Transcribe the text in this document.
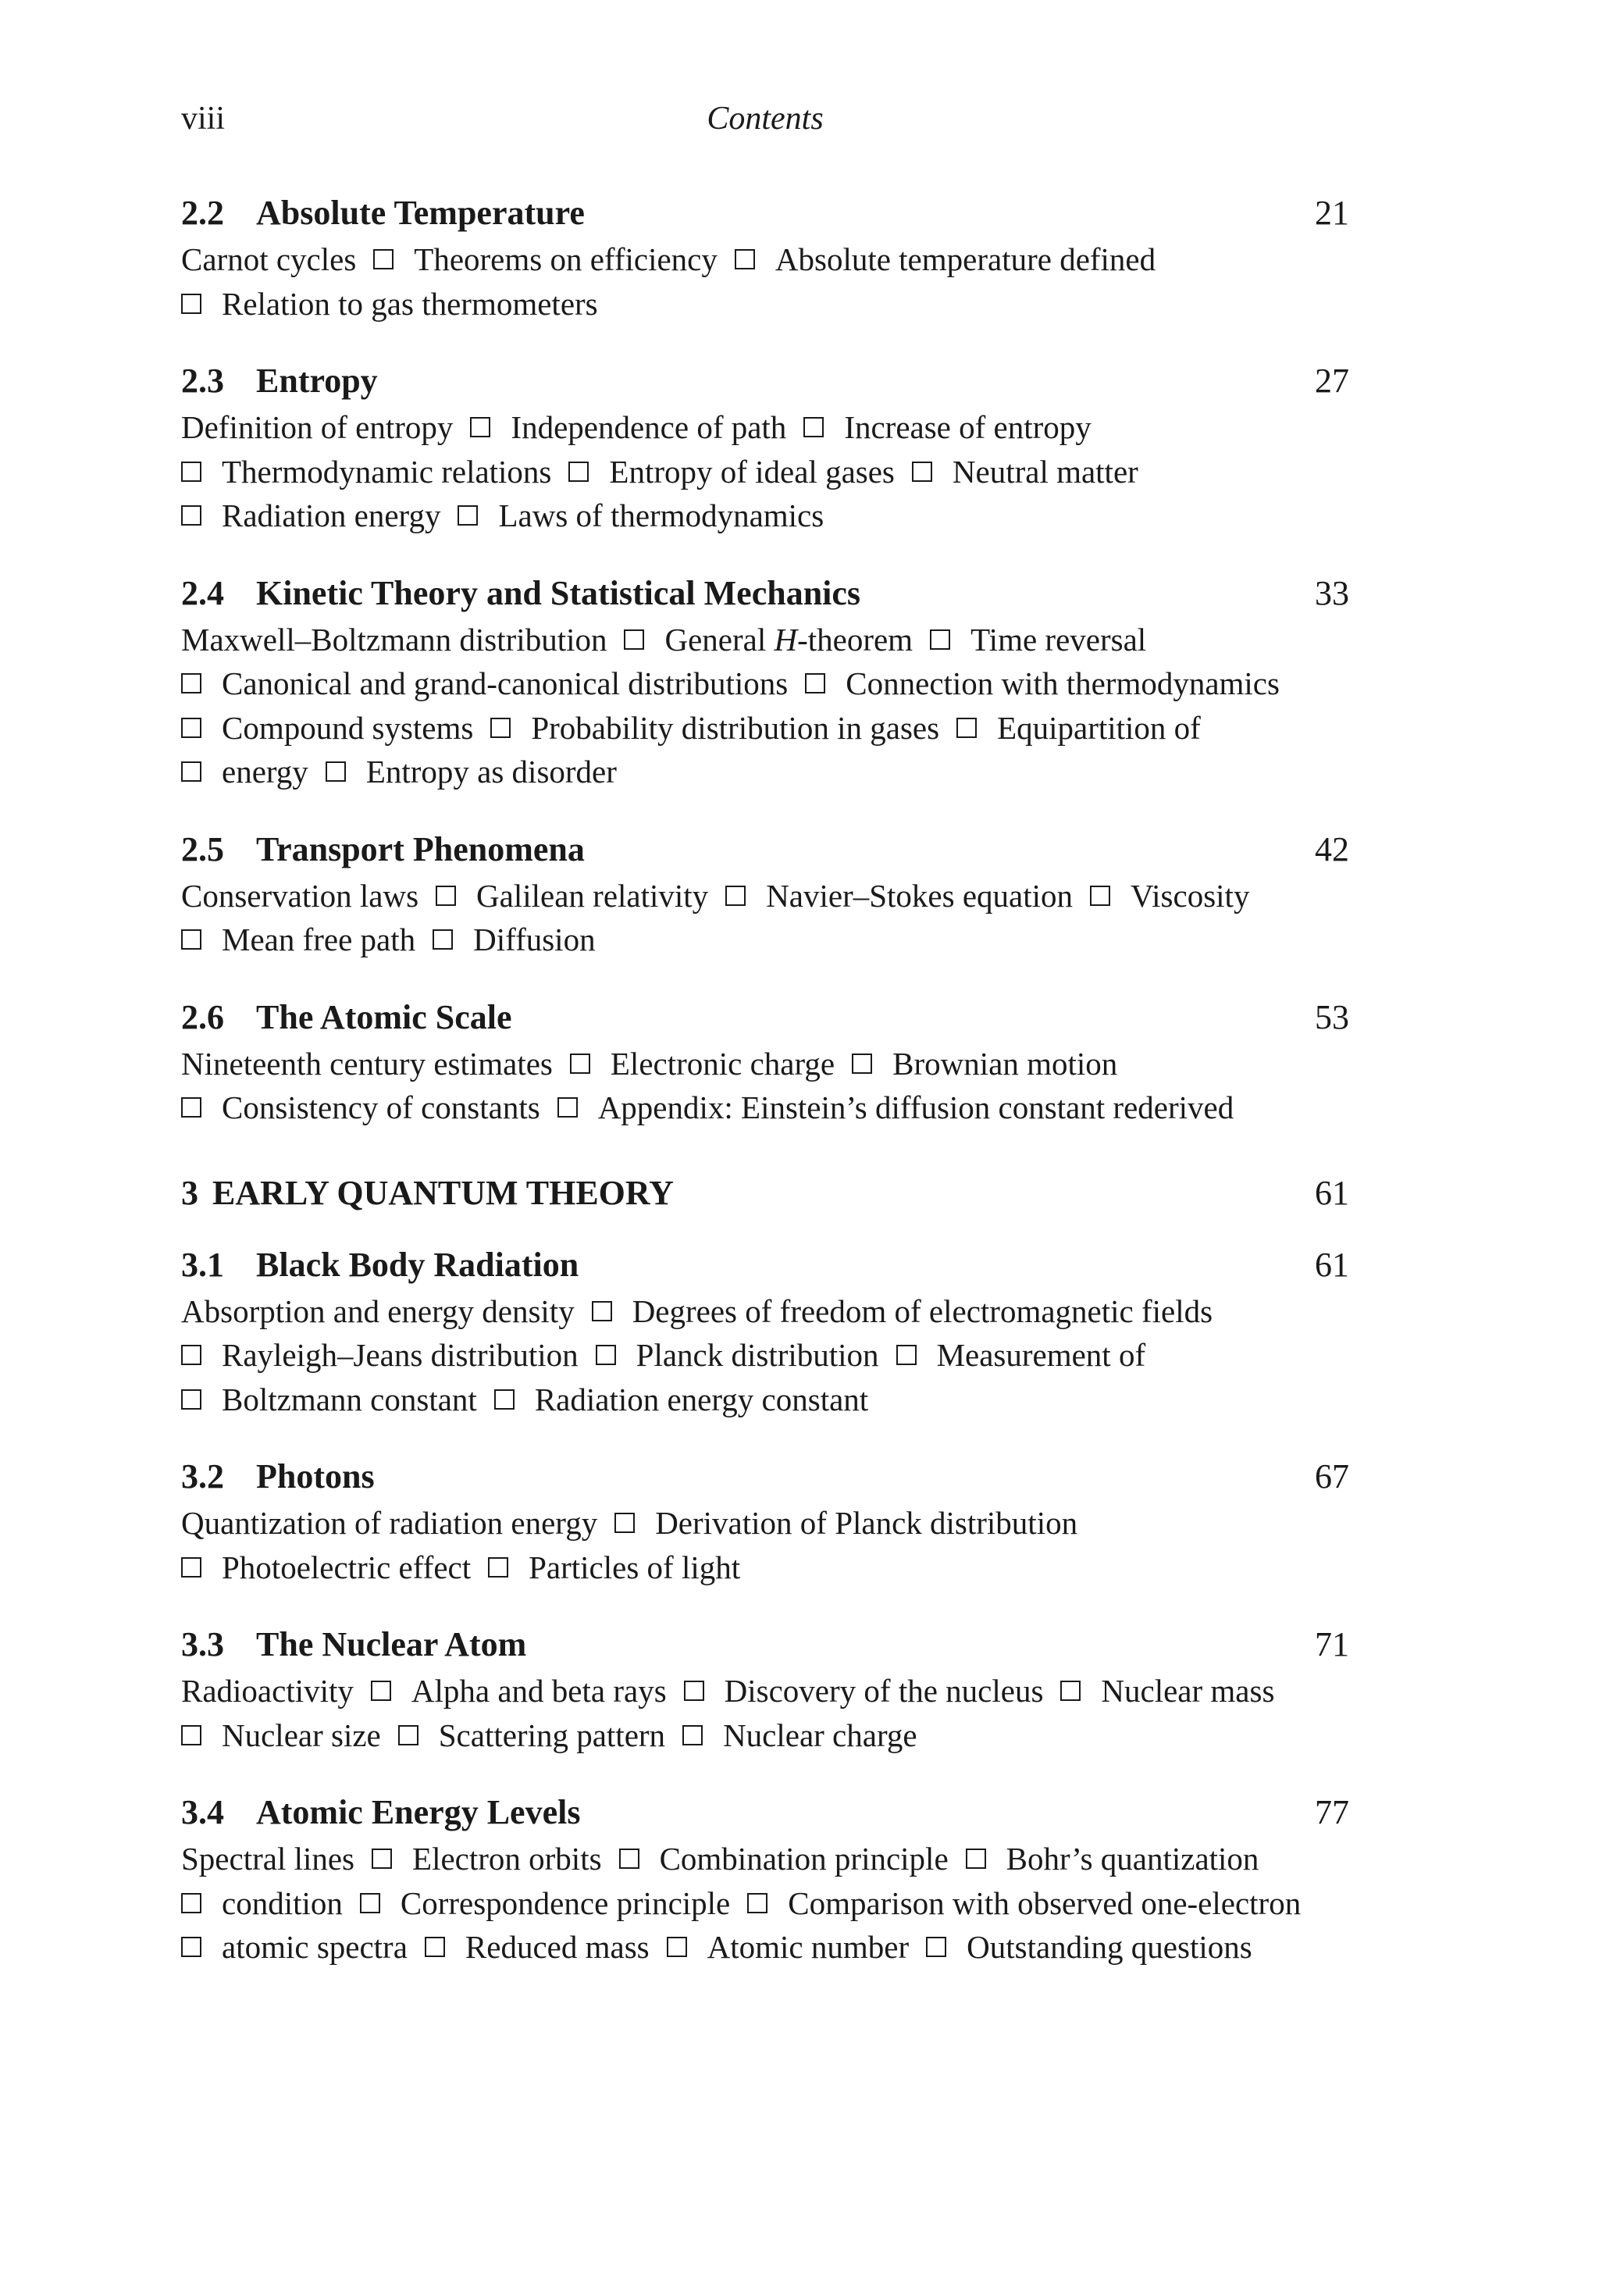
viii	Contents
2.2 Absolute Temperature	21
Carnot cycles Theorems on efficiency Absolute temperature defined
Relation to gas thermometers
2.3 Entropy	27
Definition of entropy Independence of path Increase of entropy
Thermodynamic relations Entropy of ideal gases Neutral matter
Radiation energy Laws of thermodynamics
2.4 Kinetic Theory and Statistical Mechanics	33
Maxwell–Boltzmann distribution General H-theorem Time reversal
Canonical and grand-canonical distributions Connection with thermodynamics
Compound systems Probability distribution in gases Equipartition of
energy Entropy as disorder
2.5 Transport Phenomena	42
Conservation laws Galilean relativity Navier–Stokes equation Viscosity
Mean free path Diffusion
2.6 The Atomic Scale	53
Nineteenth century estimates Electronic charge Brownian motion
Consistency of constants Appendix: Einstein’s diffusion constant rederived
3 EARLY QUANTUM THEORY	61
3.1 Black Body Radiation	61
Absorption and energy density Degrees of freedom of electromagnetic fields
Rayleigh–Jeans distribution Planck distribution Measurement of
Boltzmann constant Radiation energy constant
3.2 Photons	67
Quantization of radiation energy Derivation of Planck distribution
Photoelectric effect Particles of light
3.3 The Nuclear Atom	71
Radioactivity Alpha and beta rays Discovery of the nucleus Nuclear mass
Nuclear size Scattering pattern Nuclear charge
3.4 Atomic Energy Levels	77
Spectral lines Electron orbits Combination principle Bohr’s quantization
condition Correspondence principle Comparison with observed one-electron
atomic spectra Reduced mass Atomic number Outstanding questions
